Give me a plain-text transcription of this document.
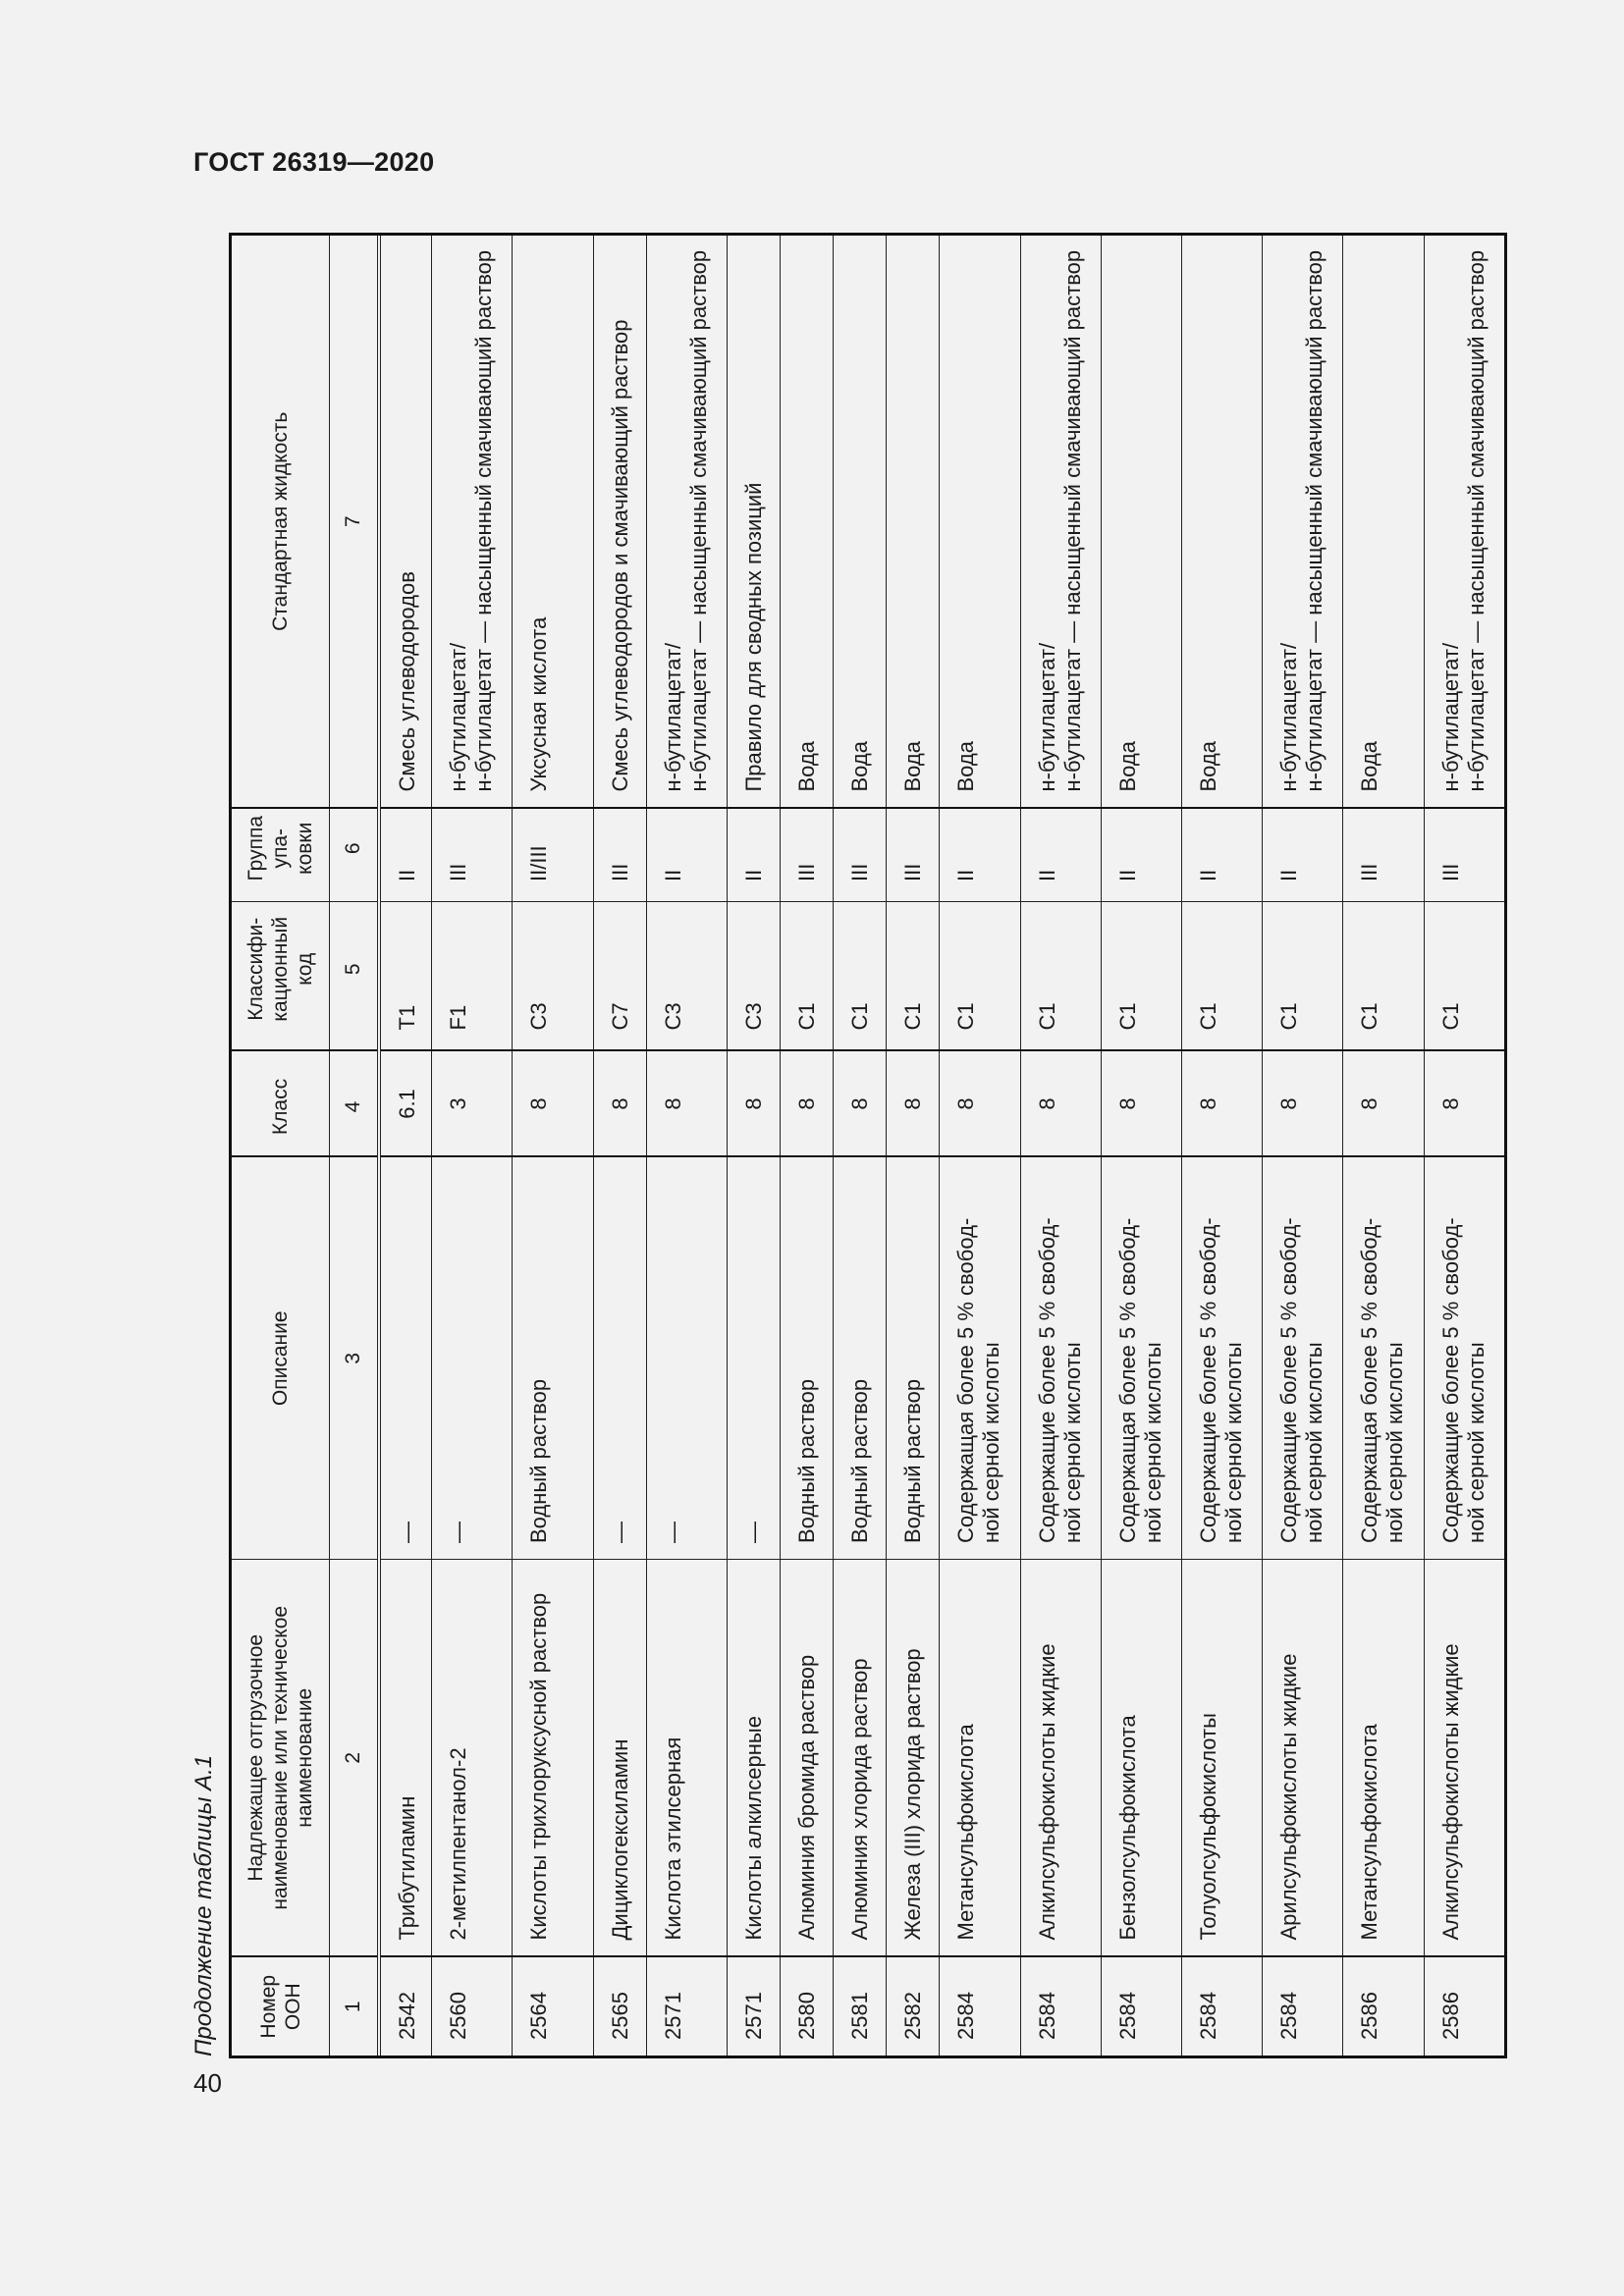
ГОСТ 26319—2020
40
Продолжение таблицы А.1 Номер ООН	Надлежащее отгрузочное наименование или техническое наименование	Описание	Класс	Классифи-
кационный
код	Группа
упа-
ковки	Стандартная жидкость
1	2	3	4	5	6	7
2542	Трибутиламин	—	6.1	T1	II	Смесь углеводородов
2560	2-метилпентанол-2	—	3	F1	III	н-бутилацетат/
н-бутилацетат — насыщенный смачивающий раствор
2564	Кислоты трихлоруксусной раствор	Водный раствор	8	C3	II/III	Уксусная кислота
2565	Дициклогексиламин	—	8	C7	III	Смесь углеводородов и смачивающий раствор
2571	Кислота этилсерная	—	8	C3	II	н-бутилацетат/
н-бутилацетат — насыщенный смачивающий раствор
2571	Кислоты алкилсерные	—	8	C3	II	Правило для сводных позиций
2580	Алюминия бромида раствор	Водный раствор	8	C1	III	Вода
2581	Алюминия хлорида раствор	Водный раствор	8	C1	III	Вода
2582	Железа (III) хлорида раствор	Водный раствор	8	C1	III	Вода
2584	Метансульфокислота	Содержащая более 5 % свобод-
ной серной кислоты	8	C1	II	Вода
2584	Алкилсульфокислоты жидкие	Содержащие более 5 % свобод-
ной серной кислоты	8	C1	II	н-бутилацетат/
н-бутилацетат — насыщенный смачивающий раствор
2584	Бензолсульфокислота	Содержащая более 5 % свобод-
ной серной кислоты	8	C1	II	Вода
2584	Толуолсульфокислоты	Содержащие более 5 % свобод-
ной серной кислоты	8	C1	II	Вода
2584	Арилсульфокислоты жидкие	Содержащие более 5 % свобод-
ной серной кислоты	8	C1	II	н-бутилацетат/
н-бутилацетат — насыщенный смачивающий раствор
2586	Метансульфокислота	Содержащая более 5 % свобод-
ной серной кислоты	8	C1	III	Вода
2586	Алкилсульфокислоты жидкие	Содержащие более 5 % свобод-
ной серной кислоты	8	C1	III	н-бутилацетат/
н-бутилацетат — насыщенный смачивающий раствор
